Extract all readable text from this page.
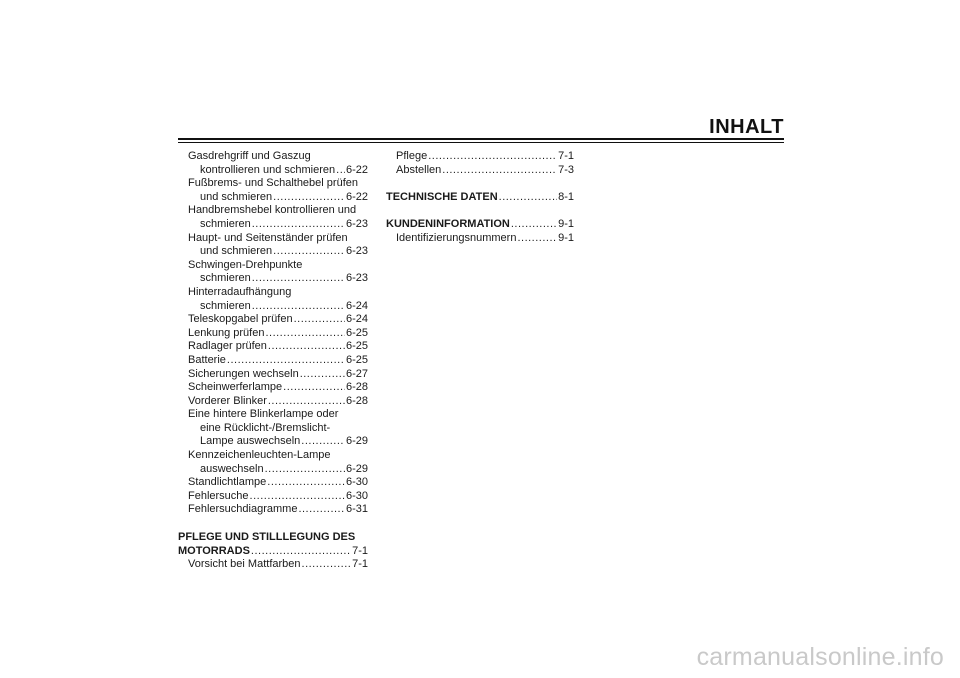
INHALT
Gasdrehgriff und Gaszug
kontrollieren und schmieren ..... 6-22
Fußbrems- und Schalthebel prüfen
und schmieren .....	6-22
Handbremshebel kontrollieren und
schmieren .....	6-23
Haupt- und Seitenständer prüfen
und schmieren .....	6-23
Schwingen-Drehpunkte
schmieren .....	6-23
Hinterradaufhängung
schmieren .....	6-24
Teleskopgabel prüfen .....	6-24
Lenkung prüfen .....	6-25
Radlager prüfen .....	6-25
Batterie .....	6-25
Sicherungen wechseln .....	6-27
Scheinwerferlampe .....	6-28
Vorderer Blinker .....	6-28
Eine hintere Blinkerlampe oder
eine Rücklicht-/Bremslicht-
Lampe auswechseln .....	6-29
Kennzeichenleuchten-Lampe
auswechseln .....	6-29
Standlichtlampe .....	6-30
Fehlersuche .....	6-30
Fehlersuchdiagramme .....	6-31
PFLEGE UND STILLLEGUNG DES
MOTORRADS .....	7-1
Vorsicht bei Mattfarben .....	7-1
Pflege .....	7-1
Abstellen .....	7-3
TECHNISCHE DATEN .....	8-1
KUNDENINFORMATION .....	9-1
Identifizierungsnummern .....	9-1
carmanualsonline.info
